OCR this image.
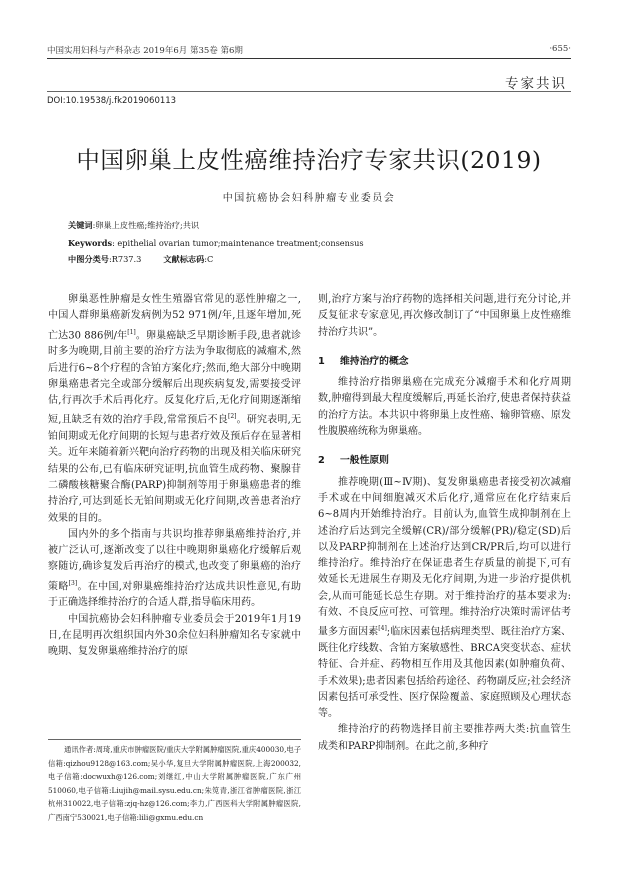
中国实用妇科与产科杂志 2019年6月 第35卷 第6期	·655·
专家共识
DOI:10.19538/j.fk2019060113
中国卵巢上皮性癌维持治疗专家共识(2019)
中国抗癌协会妇科肿瘤专业委员会
关键词:卵巢上皮性癌;维持治疗;共识
Keywords: epithelial ovarian tumor;maintenance treatment;consensus
中图分类号:R737.3	文献标志码:C

卵巢恶性肿瘤是女性生殖器官常见的恶性肿瘤之一,中国人群卵巢癌新发病例为52 971例/年,且逐年增加,死亡达30 886例/年[1]。卵巢癌缺乏早期诊断手段,患者就诊时多为晚期,目前主要的治疗方法为争取彻底的减瘤术,然后进行6~8个疗程的含铂方案化疗;然而,绝大部分中晚期卵巢癌患者完全或部分缓解后出现疾病复发,需要接受评估,行再次手术后再化疗。反复化疗后,无化疗间期逐渐缩短,且缺乏有效的治疗手段,常常预后不良[2]。研究表明,无铂间期或无化疗间期的长短与患者疗效及预后存在显著相关。近年来随着新兴靶向治疗药物的出现及相关临床研究结果的公布,已有临床研究证明,抗血管生成药物、聚腺苷二磷酸核糖聚合酶(PARP)抑制剂等用于卵巢癌患者的维持治疗,可达到延长无铂间期或无化疗间期,改善患者治疗效果的目的。

国内外的多个指南与共识均推荐卵巢癌维持治疗,并被广泛认可,逐渐改变了以往中晚期卵巢癌化疗缓解后观察随访,确诊复发后再治疗的模式,也改变了卵巢癌的治疗策略[3]。在中国,对卵巢癌维持治疗达成共识性意见,有助于正确选择维持治疗的合适人群,指导临床用药。

中国抗癌协会妇科肿瘤专业委员会于2019年1月19日,在昆明再次组织国内外30余位妇科肿瘤知名专家就中晚期、复发卵巢癌维持治疗的原

通讯作者:周琦,重庆市肿瘤医院/重庆大学附属肿瘤医院,重庆400030,电子信箱:qizhou9128@163.com;吴小华,复旦大学附属肿瘤医院,上海200032,电子信箱:docwuxh@126.com;刘继红,中山大学附属肿瘤医院,广东广州510060,电子信箱:Liujih@mail.sysu.edu.cn;朱笕青,浙江省肿瘤医院,浙江杭州310022,电子信箱:zjq-hz@126.com;李力,广西医科大学附属肿瘤医院,广西南宁530021,电子信箱:lili@gxmu.edu.cn

则,治疗方案与治疗药物的选择相关问题,进行充分讨论,并反复征求专家意见,再次修改制订了“中国卵巢上皮性癌维持治疗共识”。

1 维持治疗的概念

维持治疗指卵巢癌在完成充分减瘤手术和化疗周期数,肿瘤得到最大程度缓解后,再延长治疗,使患者保持获益的治疗方法。本共识中将卵巢上皮性癌、输卵管癌、原发性腹膜癌统称为卵巢癌。

2 一般性原则

推荐晚期(Ⅲ~Ⅳ期)、复发卵巢癌患者接受初次减瘤手术或在中间细胞减灭术后化疗,通常应在化疗结束后6~8周内开始维持治疗。目前认为,血管生成抑制剂在上述治疗后达到完全缓解(CR)/部分缓解(PR)/稳定(SD)后以及PARP抑制剂在上述治疗达到CR/PR后,均可以进行维持治疗。维持治疗在保证患者生存质量的前提下,可有效延长无进展生存期及无化疗间期,为进一步治疗提供机会,从而可能延长总生存期。对于维持治疗的基本要求为:有效、不良反应可控、可管理。维持治疗决策时需评估考量多方面因素[4];临床因素包括病理类型、既往治疗方案、既往化疗线数、含铂方案敏感性、BRCA突变状态、症状特征、合并症、药物相互作用及其他因素(如肿瘤负荷、手术效果);患者因素包括给药途径、药物副反应;社会经济因素包括可承受性、医疗保险覆盖、家庭照顾及心理状态等。

维持治疗的药物选择目前主要推荐两大类:抗血管生成类和PARP抑制剂。在此之前,多种疗
